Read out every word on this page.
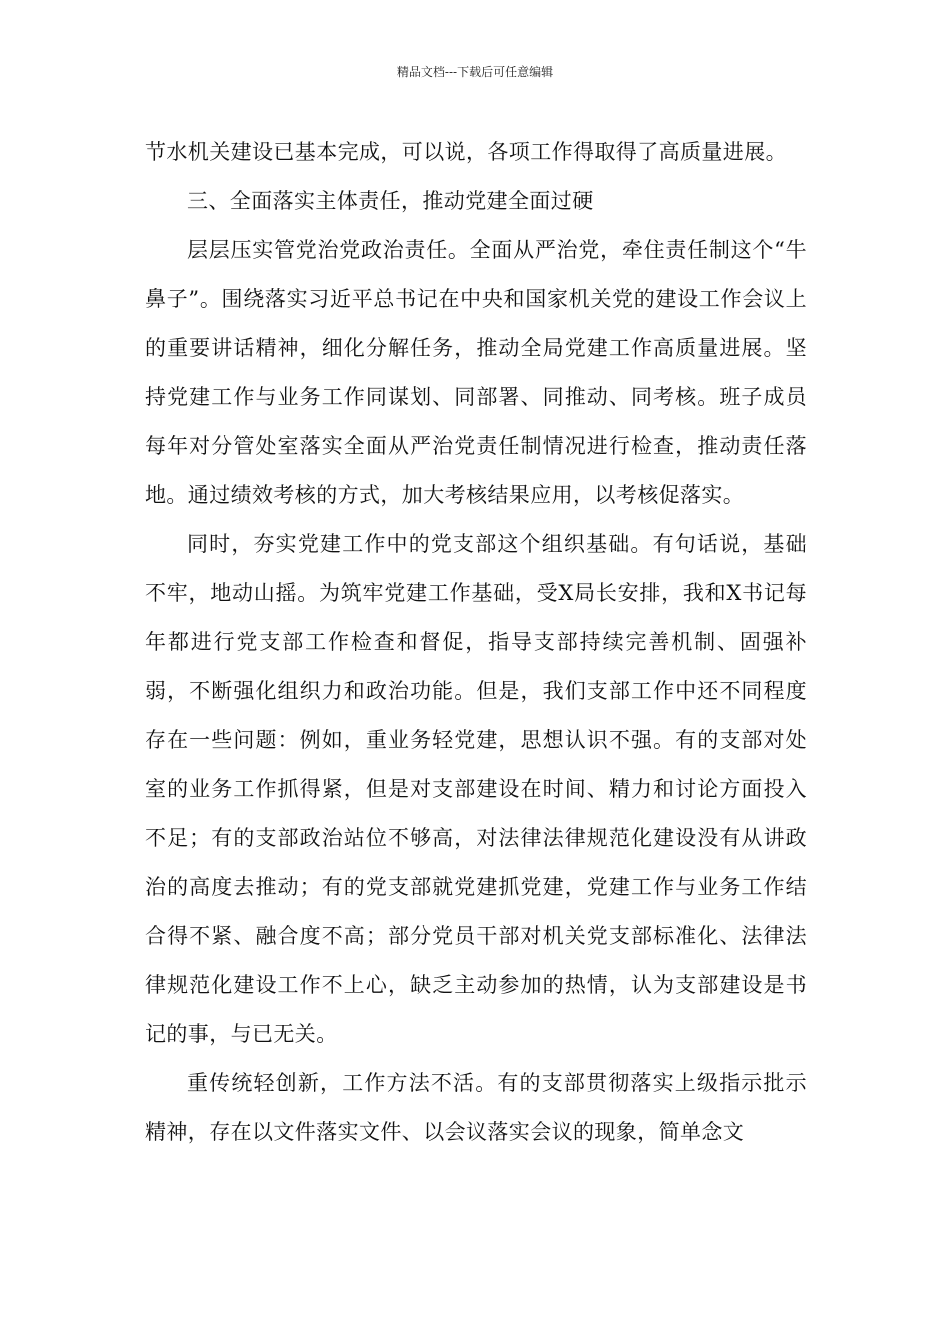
精品文档---下载后可任意编辑

节水机关建设已基本完成，可以说，各项工作得取得了高质量进展。

三、全面落实主体责任，推动党建全面过硬

层层压实管党治党政治责任。全面从严治党，牵住责任制这个“牛鼻子”。围绕落实习近平总书记在中央和国家机关党的建设工作会议上的重要讲话精神，细化分解任务，推动全局党建工作高质量进展。坚持党建工作与业务工作同谋划、同部署、同推动、同考核。班子成员每年对分管处室落实全面从严治党责任制情况进行检查，推动责任落地。通过绩效考核的方式，加大考核结果应用，以考核促落实。

同时，夯实党建工作中的党支部这个组织基础。有句话说，基础不牢，地动山摇。为筑牢党建工作基础，受X局长安排，我和X书记每年都进行党支部工作检查和督促，指导支部持续完善机制、固强补弱，不断强化组织力和政治功能。但是，我们支部工作中还不同程度存在一些问题：例如，重业务轻党建，思想认识不强。有的支部对处室的业务工作抓得紧，但是对支部建设在时间、精力和讨论方面投入不足；有的支部政治站位不够高，对法律法律规范化建设没有从讲政治的高度去推动；有的党支部就党建抓党建，党建工作与业务工作结合得不紧、融合度不高；部分党员干部对机关党支部标准化、法律法律规范化建设工作不上心，缺乏主动参加的热情，认为支部建设是书记的事，与已无关。

重传统轻创新，工作方法不活。有的支部贯彻落实上级指示批示精神，存在以文件落实文件、以会议落实会议的现象，简单念文
